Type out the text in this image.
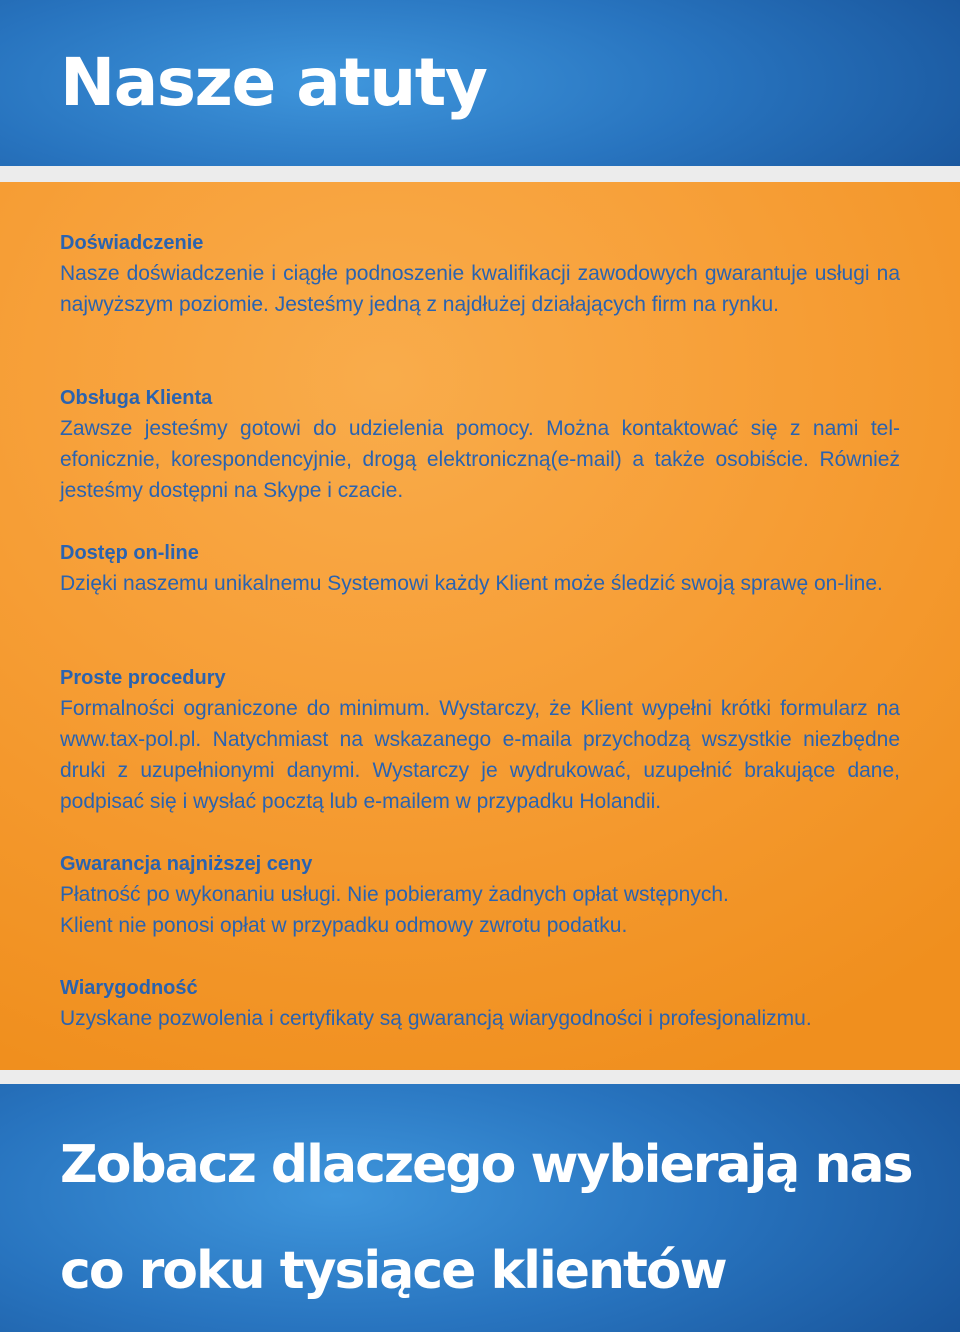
Nasze atuty
Doświadczenie

Nasze doświadczenie i ciągłe podnoszenie kwalifikacji zawodowych gwarantuje usługi na najwyższym poziomie. Jesteśmy jedną z najdłużej działających firm na rynku.

Obsługa Klienta

Zawsze jesteśmy gotowi do udzielenia pomocy. Można kontaktować się z nami tel-efonicznie, korespondencyjnie, drogą elektroniczną(e-mail) a także osobiście. Również jesteśmy dostępni na Skype i czacie.

Dostęp on-line

Dzięki naszemu unikalnemu Systemowi każdy Klient może śledzić swoją sprawę on-line.

Proste procedury

Formalności ograniczone do minimum. Wystarczy, że Klient wypełni krótki formularz na www.tax-pol.pl. Natychmiast na wskazanego e-maila przychodzą wszystkie niezbędne druki z uzupełnionymi danymi. Wystarczy je wydrukować, uzupełnić brakujące dane, podpisać się i wysłać pocztą lub e-mailem w przypadku Holandii.

Gwarancja najniższej ceny

Płatność po wykonaniu usługi. Nie pobieramy żadnych opłat wstępnych.

Klient nie ponosi opłat w przypadku odmowy zwrotu podatku.

Wiarygodność

Uzyskane pozwolenia i certyfikaty są gwarancją wiarygodności i profesjonalizmu.

Zobacz dlaczego wybierają nas
co roku tysiące klientów
